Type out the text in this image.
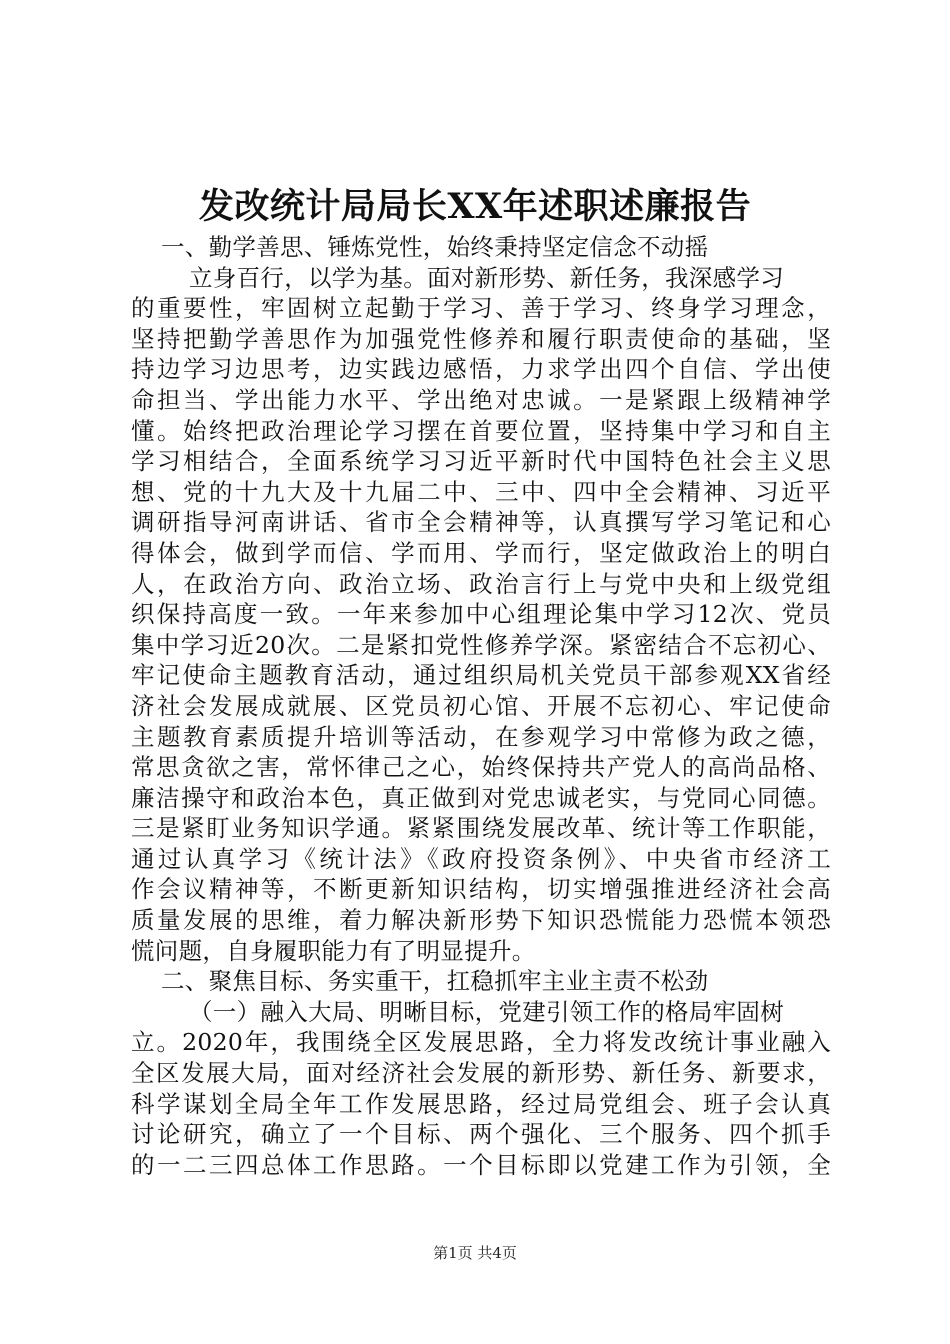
发改统计局局长XX年述职述廉报告
一、勤学善思、锤炼党性，始终秉持坚定信念不动摇
立身百行，以学为基。面对新形势、新任务，我深感学习
的重要性，牢固树立起勤于学习、善于学习、终身学习理念，
坚持把勤学善思作为加强党性修养和履行职责使命的基础，坚
持边学习边思考，边实践边感悟，力求学出四个自信、学出使
命担当、学出能力水平、学出绝对忠诚。一是紧跟上级精神学
懂。始终把政治理论学习摆在首要位置，坚持集中学习和自主
学习相结合，全面系统学习习近平新时代中国特色社会主义思
想、党的十九大及十九届二中、三中、四中全会精神、习近平
调研指导河南讲话、省市全会精神等，认真撰写学习笔记和心
得体会，做到学而信、学而用、学而行，坚定做政治上的明白
人，在政治方向、政治立场、政治言行上与党中央和上级党组
织保持高度一致。一年来参加中心组理论集中学习12次、党员
集中学习近20次。二是紧扣党性修养学深。紧密结合不忘初心、
牢记使命主题教育活动，通过组织局机关党员干部参观XX省经
济社会发展成就展、区党员初心馆、开展不忘初心、牢记使命
主题教育素质提升培训等活动，在参观学习中常修为政之德，
常思贪欲之害，常怀律己之心，始终保持共产党人的高尚品格、
廉洁操守和政治本色，真正做到对党忠诚老实，与党同心同德。
三是紧盯业务知识学通。紧紧围绕发展改革、统计等工作职能，
通过认真学习《统计法》《政府投资条例》、中央省市经济工
作会议精神等，不断更新知识结构，切实增强推进经济社会高
质量发展的思维，着力解决新形势下知识恐慌能力恐慌本领恐
慌问题，自身履职能力有了明显提升。
二、聚焦目标、务实重干，扛稳抓牢主业主责不松劲
（一）融入大局、明晰目标，党建引领工作的格局牢固树
立。2020年，我围绕全区发展思路，全力将发改统计事业融入
全区发展大局，面对经济社会发展的新形势、新任务、新要求，
科学谋划全局全年工作发展思路，经过局党组会、班子会认真
讨论研究，确立了一个目标、两个强化、三个服务、四个抓手
的一二三四总体工作思路。一个目标即以党建工作为引领，全
第1页 共4页
